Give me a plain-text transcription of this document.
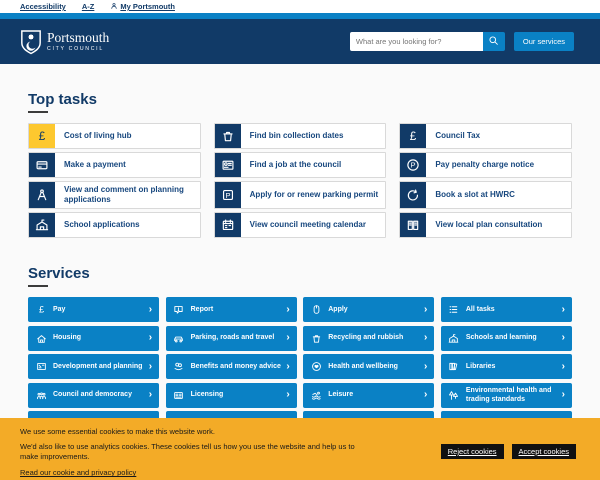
Accessibility A-Z	My Portsmouth
Portsmouth
CITY COUNCIL
What are you looking for?
Our services
Top tasks
£	Cost of living hub	Find bin collection dates	£	Council Tax
Make a payment	Find a job at the council	P	Pay penalty charge notice
View and comment on planning applications	P	Apply for or renew parking permit	Book a slot at HWRC
School applications	View council meeting calendar	View local plan consultation
Services
£ Pay	›	Report	›	Apply	›	All tasks	›
Housing	›	Parking, roads and travel	›	Recycling and rubbish	›	Schools and learning	›
Development and planning ›	Benefits and money advice ›	Health and wellbeing	›	Libraries	›
Council and democracy	›	Licensing	›	Leisure	›	Environmental health and trading standards	›

We use some essential cookies to make this website work.

We'd also like to use analytics cookies. These cookies tell us how you use the website and help us to make improvements.

Read our cookie and privacy policy
Reject cookies	Accept cookies
